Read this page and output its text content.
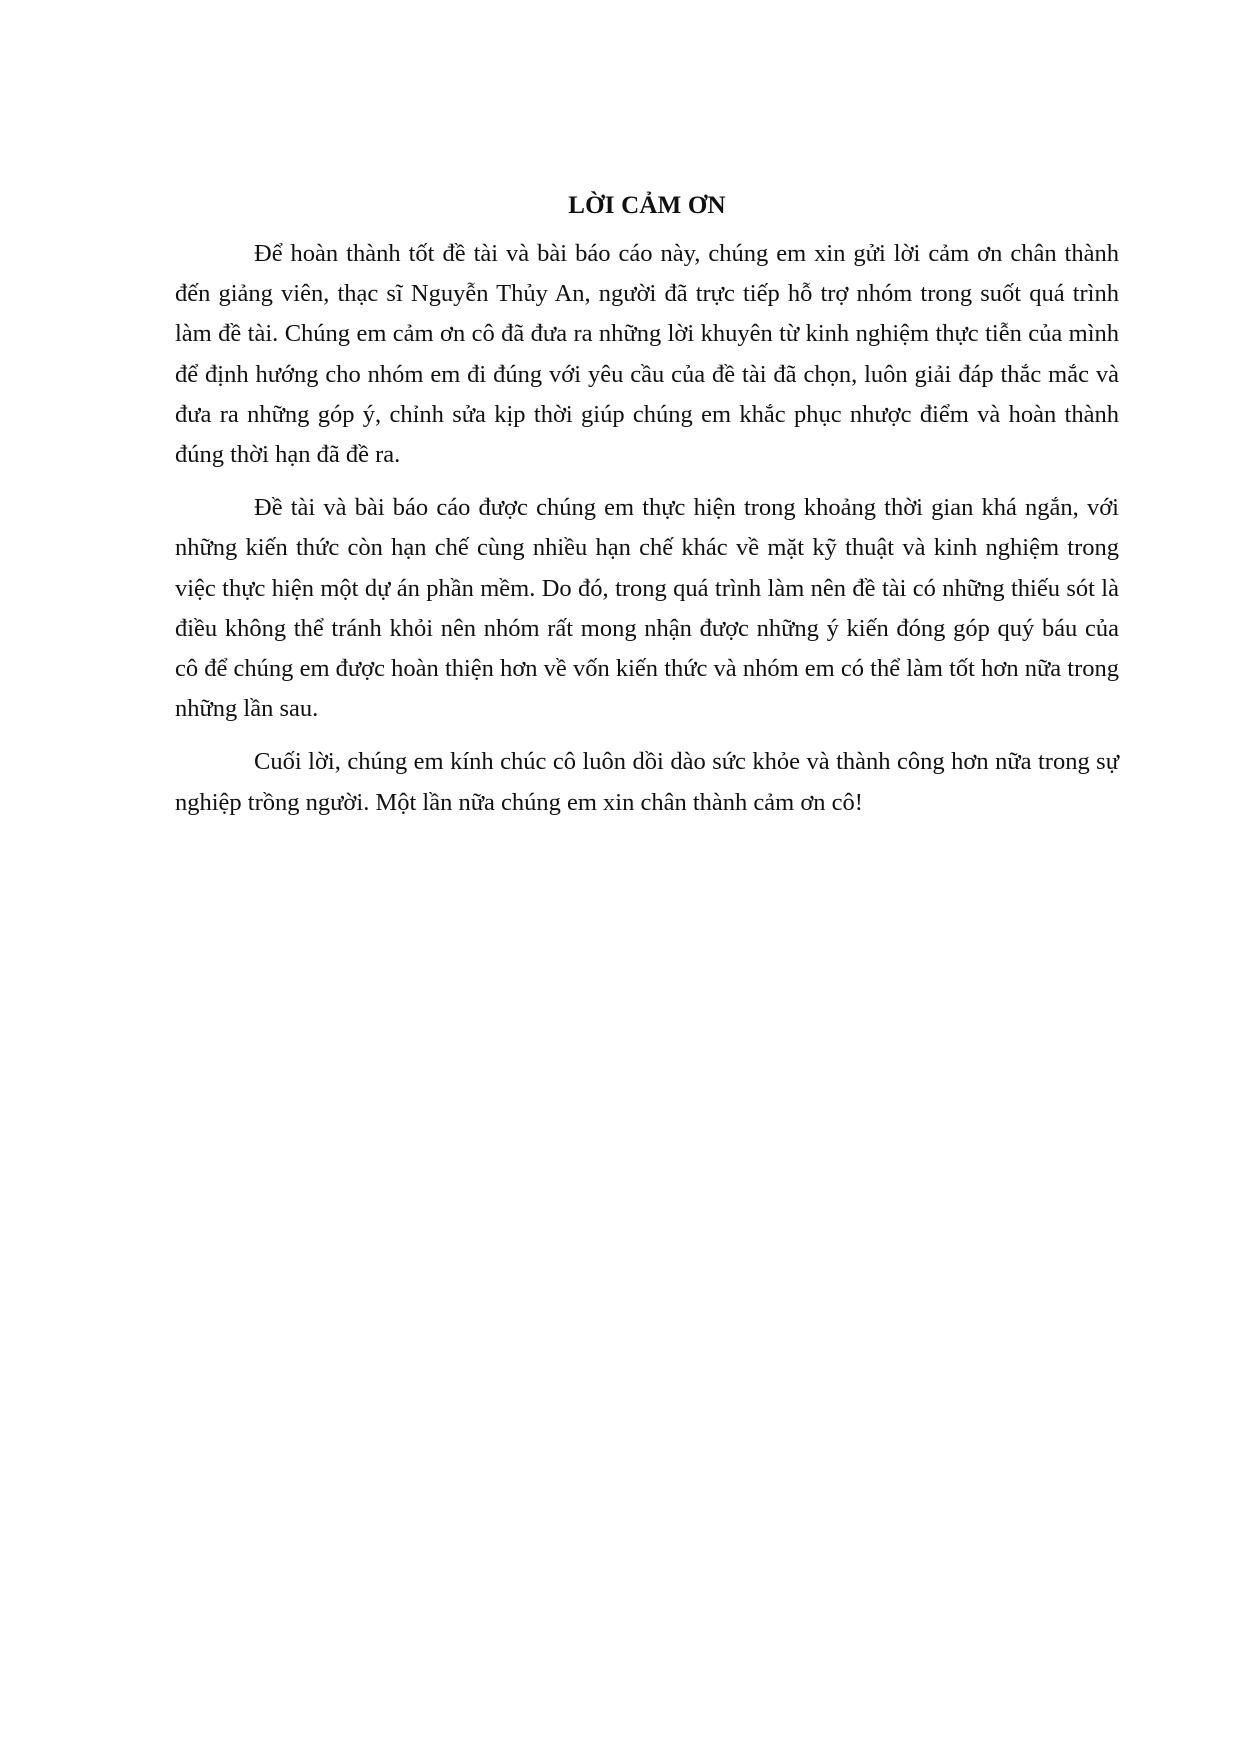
LỜI CẢM ƠN

Để hoàn thành tốt đề tài và bài báo cáo này, chúng em xin gửi lời cảm ơn chân thành đến giảng viên, thạc sĩ Nguyễn Thủy An, người đã trực tiếp hỗ trợ nhóm trong suốt quá trình làm đề tài. Chúng em cảm ơn cô đã đưa ra những lời khuyên từ kinh nghiệm thực tiễn của mình để định hướng cho nhóm em đi đúng với yêu cầu của đề tài đã chọn, luôn giải đáp thắc mắc và đưa ra những góp ý, chỉnh sửa kịp thời giúp chúng em khắc phục nhược điểm và hoàn thành đúng thời hạn đã đề ra.

Đề tài và bài báo cáo được chúng em thực hiện trong khoảng thời gian khá ngắn, với những kiến thức còn hạn chế cùng nhiều hạn chế khác về mặt kỹ thuật và kinh nghiệm trong việc thực hiện một dự án phần mềm. Do đó, trong quá trình làm nên đề tài có những thiếu sót là điều không thể tránh khỏi nên nhóm rất mong nhận được những ý kiến đóng góp quý báu của cô để chúng em được hoàn thiện hơn về vốn kiến thức và nhóm em có thể làm tốt hơn nữa trong những lần sau.

Cuối lời, chúng em kính chúc cô luôn dồi dào sức khỏe và thành công hơn nữa trong sự nghiệp trồng người. Một lần nữa chúng em xin chân thành cảm ơn cô!
